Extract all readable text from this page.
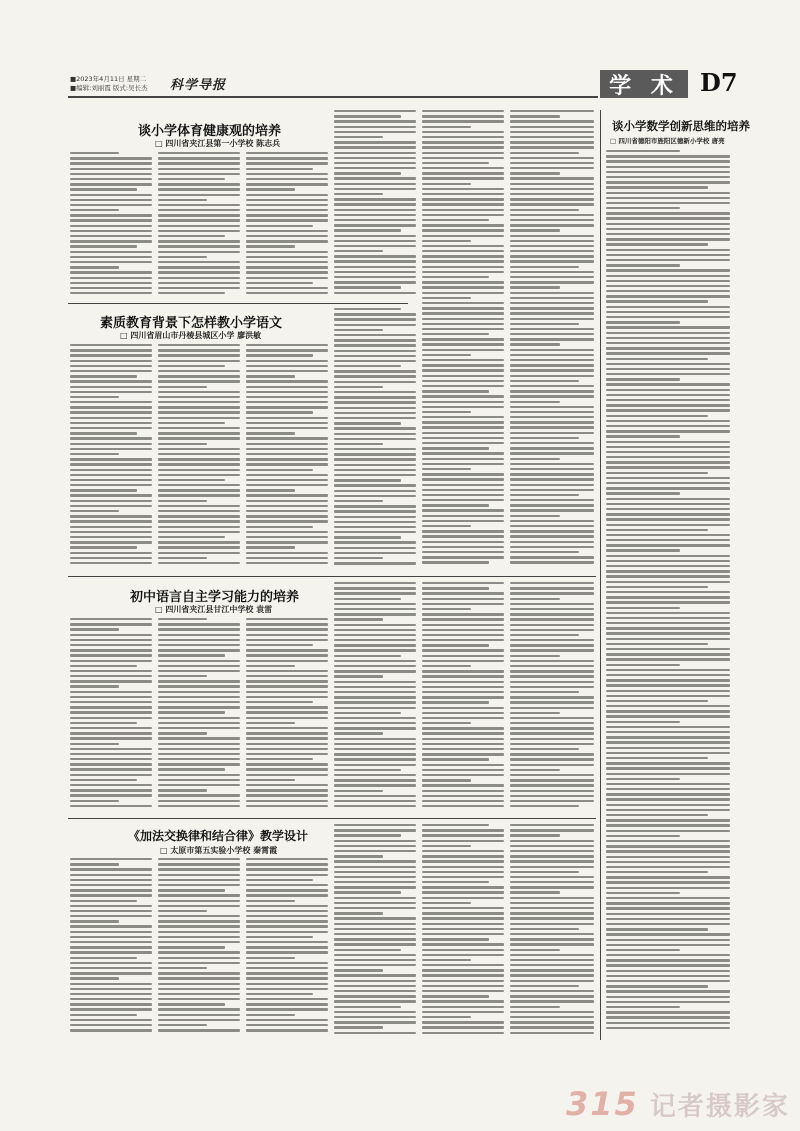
■2023年4月11日 星期二
■编辑:刘丽霞 版式:吴长杰 科学导报	学 术 D7
谈小学体育健康观的培养
□ 四川省夹江县第一小学校 陈志兵
谈小学数学创新思维的培养
□ 四川省德阳市旌阳区德新小学校 唐亮
素质教育背景下怎样教小学语文
□ 四川省眉山市丹棱县城区小学 廖洪敏
初中语言自主学习能力的培养
□ 四川省夹江县甘江中学校 袁雷
《加法交换律和结合律》教学设计
□ 太原市第五实验小学校 秦霄霞
315 记者摄影家
